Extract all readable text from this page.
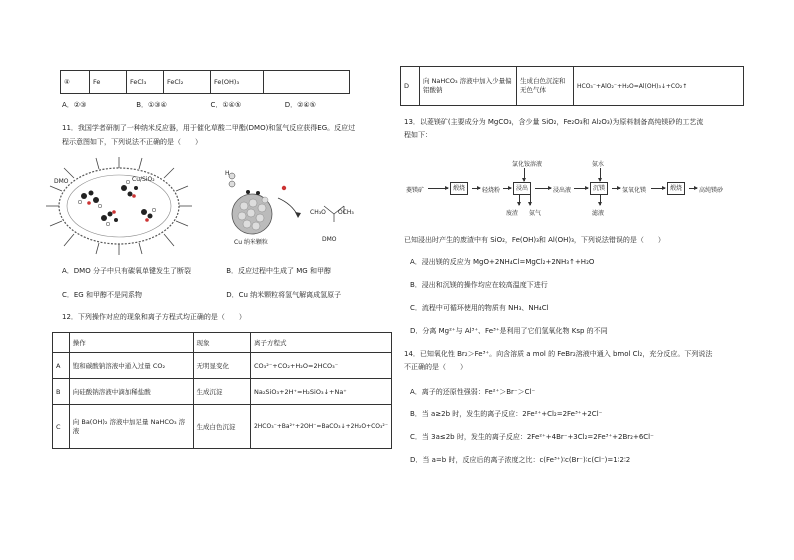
④	Fe	FeCl₃	FeCl₂	Fe(OH)₃	
A．②③	B．①③④	C．①④⑤	D．②④⑤
11．我国学者研制了一种纳米反应器，用于催化草酸二甲酯(DMO)和氢气反应获得EG。反应过
程示意图如下，下列说法不正确的是（　　）
DMO	Cu/SiO₂
H
Cu 纳米颗粒
CH₃O OCH₃
DMO
A．DMO 分子中只有碳氧单键发生了断裂	B．反应过程中生成了 MG 和甲醇
C．EG 和甲醇不是同系物	D．Cu 纳米颗粒将氢气解离成氢原子
12．下列操作对应的现象和离子方程式均正确的是（　　）
	操作	现象	离子方程式
A	饱和碳酸钠溶液中通入过量 CO₂	无明显变化	CO₃²⁻+CO₂+H₂O=2HCO₃⁻
B	向硅酸钠溶液中滴加稀盐酸	生成沉淀	Na₂SiO₃+2H⁺=H₂SiO₃↓+Na⁺
C	向 Ba(OH)₂ 溶液中加足量 NaHCO₃ 溶液	生成白色沉淀	2HCO₃⁻+Ba²⁺+2OH⁻=BaCO₃↓+2H₂O+CO₃²⁻
D	向 NaHCO₃ 溶液中加入少量偏铝酸钠	生成白色沉淀和无色气体	HCO₃⁻+AlO₂⁻+H₂O=Al(OH)₃↓+CO₂↑
13．以菱镁矿(主要成分为 MgCO₃，含少量 SiO₂，Fe₂O₃和 Al₂O₃)为原料制备高纯镁砂的工艺流
程如下：
菱镁矿	煅烧	轻烧粉	浸出	浸出液	沉镁	氢氧化镁	煅烧	高纯镁砂
氯化铵溶液	氨水
废渣 氨气	滤液
已知浸出时产生的废渣中有 SiO₂，Fe(OH)₃和 Al(OH)₃，下列说法错误的是（　　）
A．浸出镁的反应为 MgO+2NH₄Cl=MgCl₂+2NH₃↑+H₂O
B．浸出和沉镁的操作均应在较高温度下进行
C．流程中可循环使用的物质有 NH₃、NH₄Cl
D．分离 Mg²⁺与 Al³⁺、Fe³⁺是利用了它们氢氧化物 Ksp 的不同
14．已知氧化性 Br₂＞Fe³⁺。向含溶质 a mol 的 FeBr₂溶液中通入 bmol Cl₂，充分反应。下列说法
不正确的是（　　）
A．离子的还原性强弱：Fe²⁺＞Br⁻＞Cl⁻
B．当 a≥2b 时，发生的离子反应：2Fe²⁺+Cl₂=2Fe³⁺+2Cl⁻
C．当 3a≤2b 时，发生的离子反应：2Fe²⁺+4Br⁻+3Cl₂=2Fe³⁺+2Br₂+6Cl⁻
D．当 a=b 时，反应后的离子浓度之比：c(Fe³⁺)∶c(Br⁻)∶c(Cl⁻)=1∶2∶2
